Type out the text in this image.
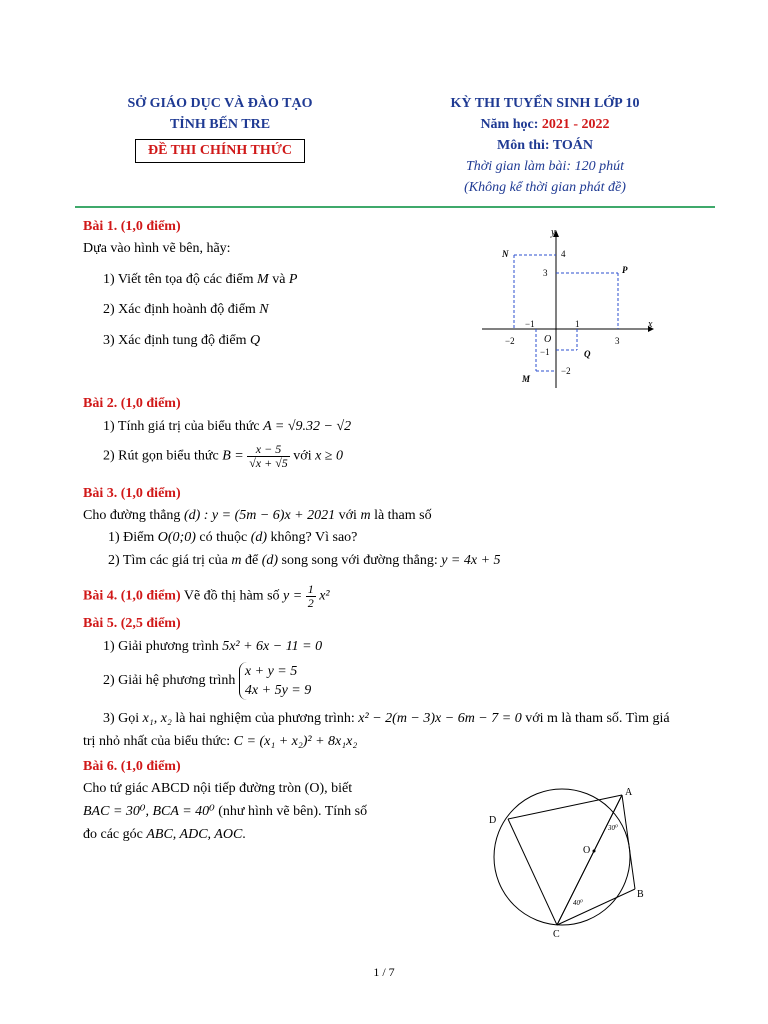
SỞ GIÁO DỤC VÀ ĐÀO TẠO
TỈNH BẾN TRE
ĐỀ THI CHÍNH THỨC
KỲ THI TUYỂN SINH LỚP 10
Năm học: 2021 - 2022
Môn thi: TOÁN
Thời gian làm bài: 120 phút
(Không kể thời gian phát đề)
Bài 1. (1,0 điểm)
Dựa vào hình vẽ bên, hãy:
1) Viết tên tọa độ các điểm M và P
2) Xác định hoành độ điểm N
3) Xác định tung độ điểm Q
x
y
O
N
P
Q
M
4
3
−1
−2
−2
−1	1
3
Bài 2. (1,0 điểm)
1) Tính giá trị của biểu thức A = √9.32 − √2
2) Rút gọn biểu thức $B = \frac{x - 5}{√x + √5}$ với x ≥ 0
Bài 3. (1,0 điểm)
Cho đường thẳng (d) : y = (5m − 6)x + 2021 với m là tham số
1) Điểm O(0;0) có thuộc (d) không? Vì sao?
2) Tìm các giá trị của m để (d) song song với đường thẳng: y = 4x + 5
Bài 4. (1,0 điểm) Vẽ đồ thị hàm số $y = \frac{1}{2} x^2$
Bài 5. (2,5 điểm)
1) Giải phương trình 5x² + 6x − 11 = 0
2) Giải hệ phương trình
x + y = 5
4x + 5y = 9
3) Gọi x₁, x₂ là hai nghiệm của phương trình: x² − 2(m − 3)x − 6m − 7 = 0 với m là tham số. Tìm giá
trị nhỏ nhất của biểu thức: C = (x₁ + x₂)² + 8x₁x₂
Bài 6. (1,0 điểm)
Cho tứ giác ABCD nội tiếp đường tròn (O), biết
BAC = 30⁰, BCA = 40⁰ (như hình vẽ bên). Tính số
đo các góc ABC, ADC, AOC.
A
B
C
D
O
30⁰
40⁰
1 / 7
